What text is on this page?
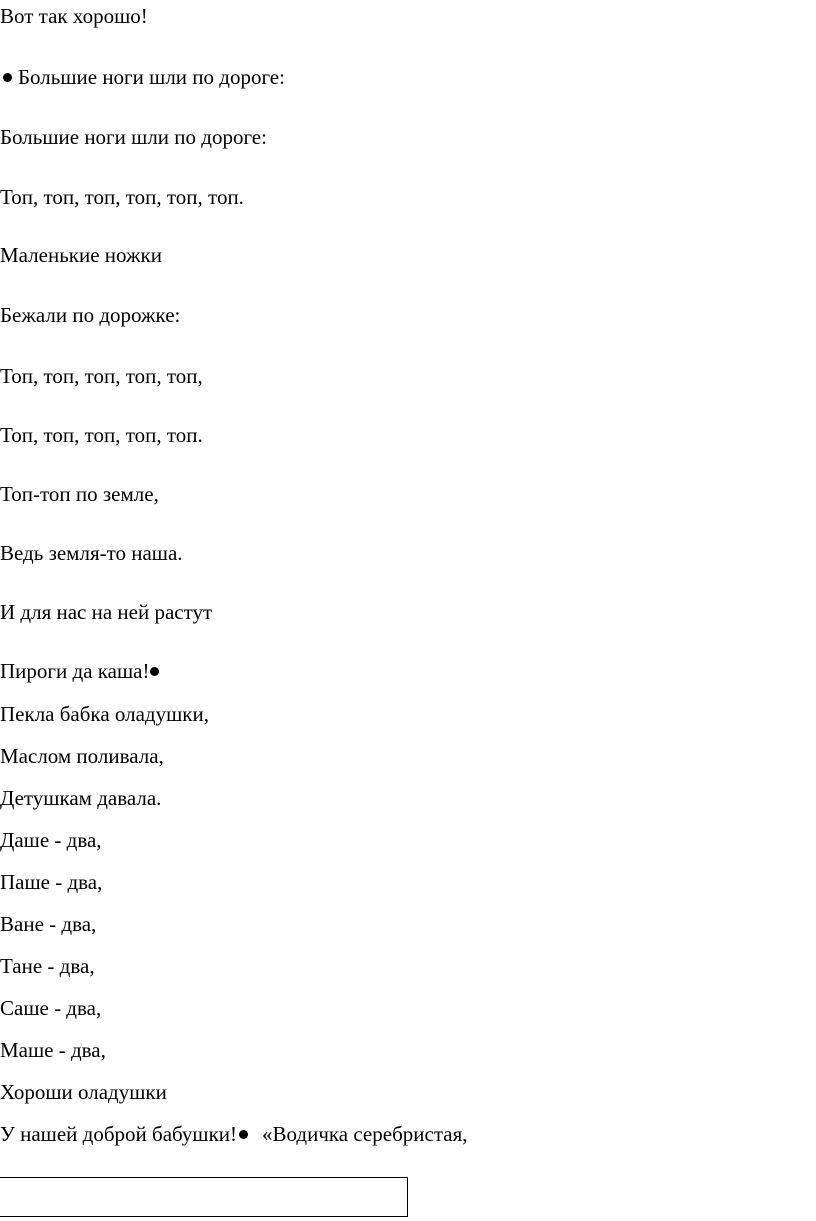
Вот так хорошо!
Большие ноги шли по дороге:
Большие ноги шли по дороге:
Топ, топ, топ, топ, топ, топ.
Маленькие ножки
Бежали по дорожке:
Топ, топ, топ, топ, топ,
Топ, топ, топ, топ, топ.
Топ-топ по земле,
Ведь земля-то наша.
И для нас на ней растут
Пироги да каша!
Пекла бабка оладушки,
Маслом поливала,
Детушкам давала.
Даше - два,
Паше - два,
Ване - два,
Тане - два,
Саше - два,
Маше - два,
Хороши оладушки
У нашей доброй бабушки! «Водичка серебристая,
